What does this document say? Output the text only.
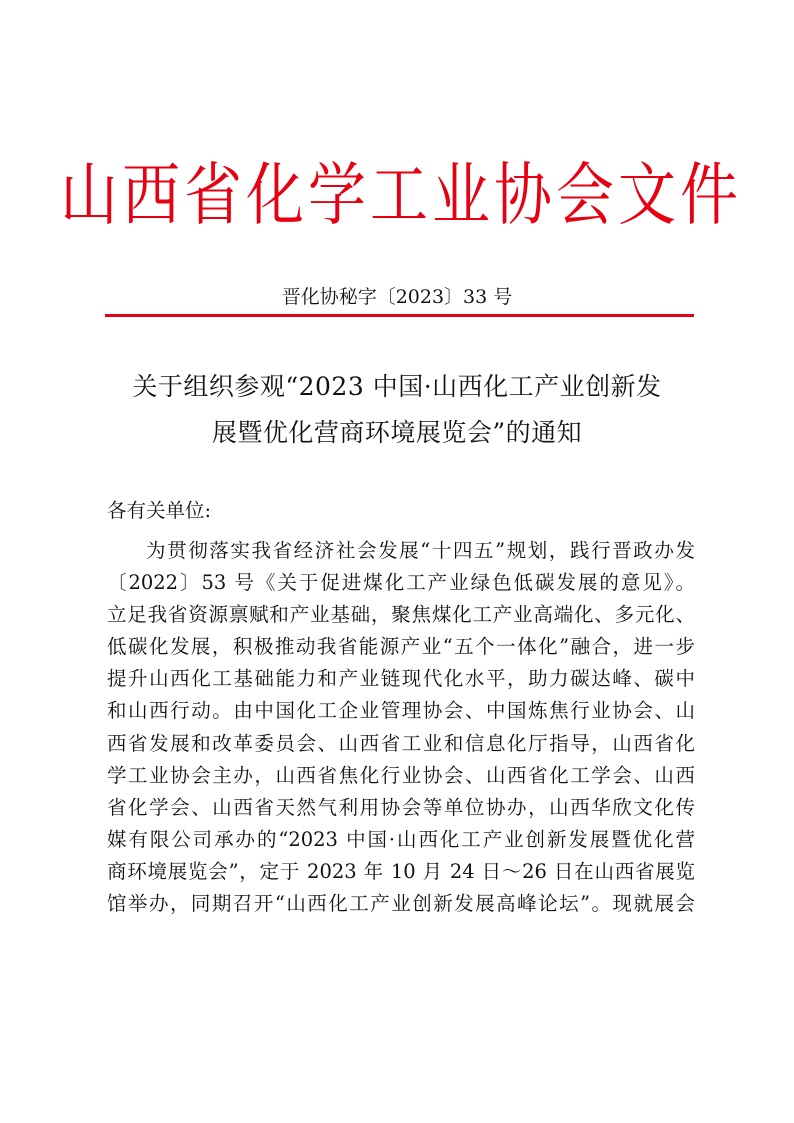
山西省化学工业协会文件
晋化协秘字〔2023〕33 号
关于组织参观“2023 中国·山西化工产业创新发
展暨优化营商环境展览会”的通知
各有关单位:
为贯彻落实我省经济社会发展“十四五”规划，践行晋政办发
〔2022〕53 号《关于促进煤化工产业绿色低碳发展的意见》。
立足我省资源禀赋和产业基础，聚焦煤化工产业高端化、多元化、
低碳化发展，积极推动我省能源产业“五个一体化”融合，进一步
提升山西化工基础能力和产业链现代化水平，助力碳达峰、碳中
和山西行动。由中国化工企业管理协会、中国炼焦行业协会、山
西省发展和改革委员会、山西省工业和信息化厅指导，山西省化
学工业协会主办，山西省焦化行业协会、山西省化工学会、山西
省化学会、山西省天然气利用协会等单位协办，山西华欣文化传
媒有限公司承办的“2023 中国·山西化工产业创新发展暨优化营
商环境展览会”，定于 2023 年 10 月 24 日～26 日在山西省展览
馆举办，同期召开“山西化工产业创新发展高峰论坛”。现就展会
